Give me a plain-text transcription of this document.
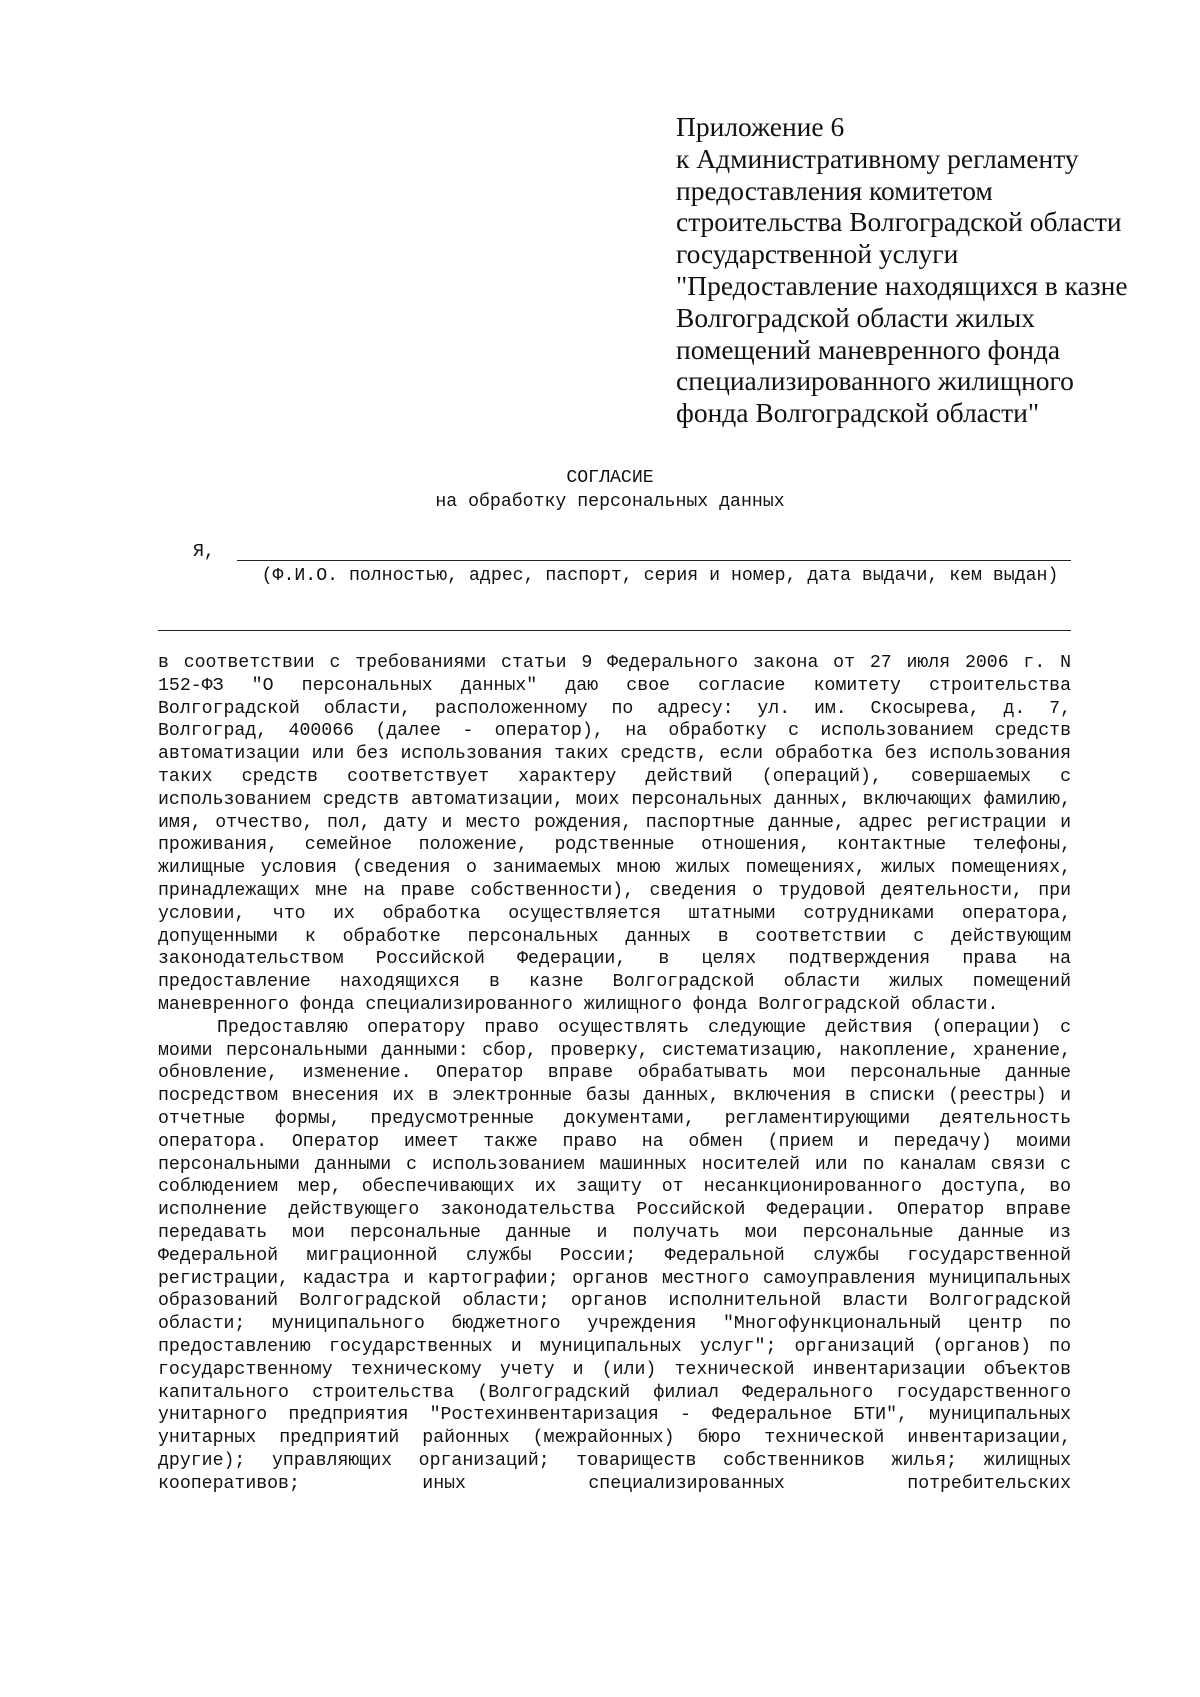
Приложение 6
к Административному регламенту
предоставления комитетом
строительства Волгоградской области
государственной услуги
"Предоставление находящихся в казне
Волгоградской области жилых
помещений маневренного фонда
специализированного жилищного
фонда Волгоградской области"
СОГЛАСИЕ
на обработку персональных данных
Я,
(Ф.И.О. полностью, адрес, паспорт, серия и номер, дата выдачи, кем выдан)

в соответствии с требованиями статьи 9 Федерального закона от 27 июля 2006 г. N 152-ФЗ "О персональных данных" даю свое согласие комитету строительства Волгоградской области, расположенному по адресу: ул. им. Скосырева, д. 7, Волгоград, 400066 (далее - оператор), на обработку с использованием средств автоматизации или без использования таких средств, если обработка без использования таких средств соответствует характеру действий (операций), совершаемых с использованием средств автоматизации, моих персональных данных, включающих фамилию, имя, отчество, пол, дату и место рождения, паспортные данные, адрес регистрации и проживания, семейное положение, родственные отношения, контактные телефоны, жилищные условия (сведения о занимаемых мною жилых помещениях, жилых помещениях, принадлежащих мне на праве собственности), сведения о трудовой деятельности, при условии, что их обработка осуществляется штатными сотрудниками оператора, допущенными к обработке персональных данных в соответствии с действующим законодательством Российской Федерации, в целях подтверждения права на предоставление находящихся в казне Волгоградской области жилых помещений маневренного фонда специализированного жилищного фонда Волгоградской области.

Предоставляю оператору право осуществлять следующие действия (операции) с моими персональными данными: сбор, проверку, систематизацию, накопление, хранение, обновление, изменение. Оператор вправе обрабатывать мои персональные данные посредством внесения их в электронные базы данных, включения в списки (реестры) и отчетные формы, предусмотренные документами, регламентирующими деятельность оператора. Оператор имеет также право на обмен (прием и передачу) моими персональными данными с использованием машинных носителей или по каналам связи с соблюдением мер, обеспечивающих их защиту от несанкционированного доступа, во исполнение действующего законодательства Российской Федерации. Оператор вправе передавать мои персональные данные и получать мои персональные данные из Федеральной миграционной службы России; Федеральной службы государственной регистрации, кадастра и картографии; органов местного самоуправления муниципальных образований Волгоградской области; органов исполнительной власти Волгоградской области; муниципального бюджетного учреждения "Многофункциональный центр по предоставлению государственных и муниципальных услуг"; организаций (органов) по государственному техническому учету и (или) технической инвентаризации объектов капитального строительства (Волгоградский филиал Федерального государственного унитарного предприятия "Ростехинвентаризация - Федеральное БТИ", муниципальных унитарных предприятий районных (межрайонных) бюро технической инвентаризации, другие); управляющих организаций; товариществ собственников жилья; жилищных кооперативов; иных специализированных потребительских
